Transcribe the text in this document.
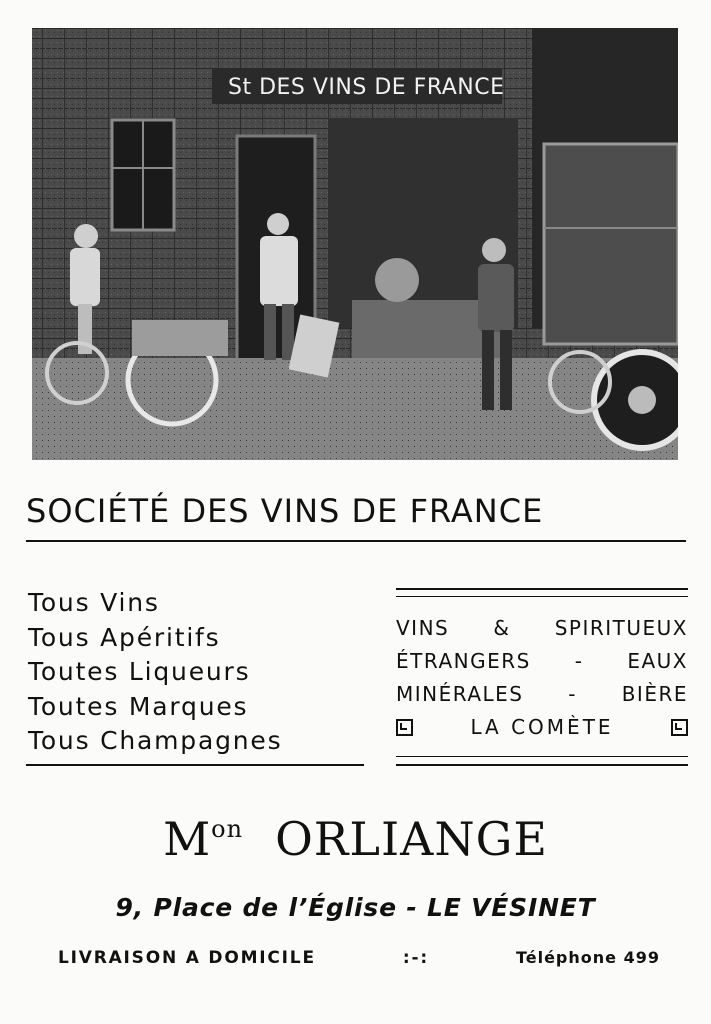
St DES VINS DE FRANCE
SOCIÉTÉ DES VINS DE FRANCE
Tous Vins
Tous Apéritifs
Toutes Liqueurs
Toutes Marques
Tous Champagnes
VINS & SPIRITUEUX
ÉTRANGERS - EAUX
MINÉRALES - BIÈRE
LA COMÈTE
$M^{on}$ ORLIANGE
9, Place de l’Église - LE VÉSINET
LIVRAISON A DOMICILE	:-:	Téléphone 499
